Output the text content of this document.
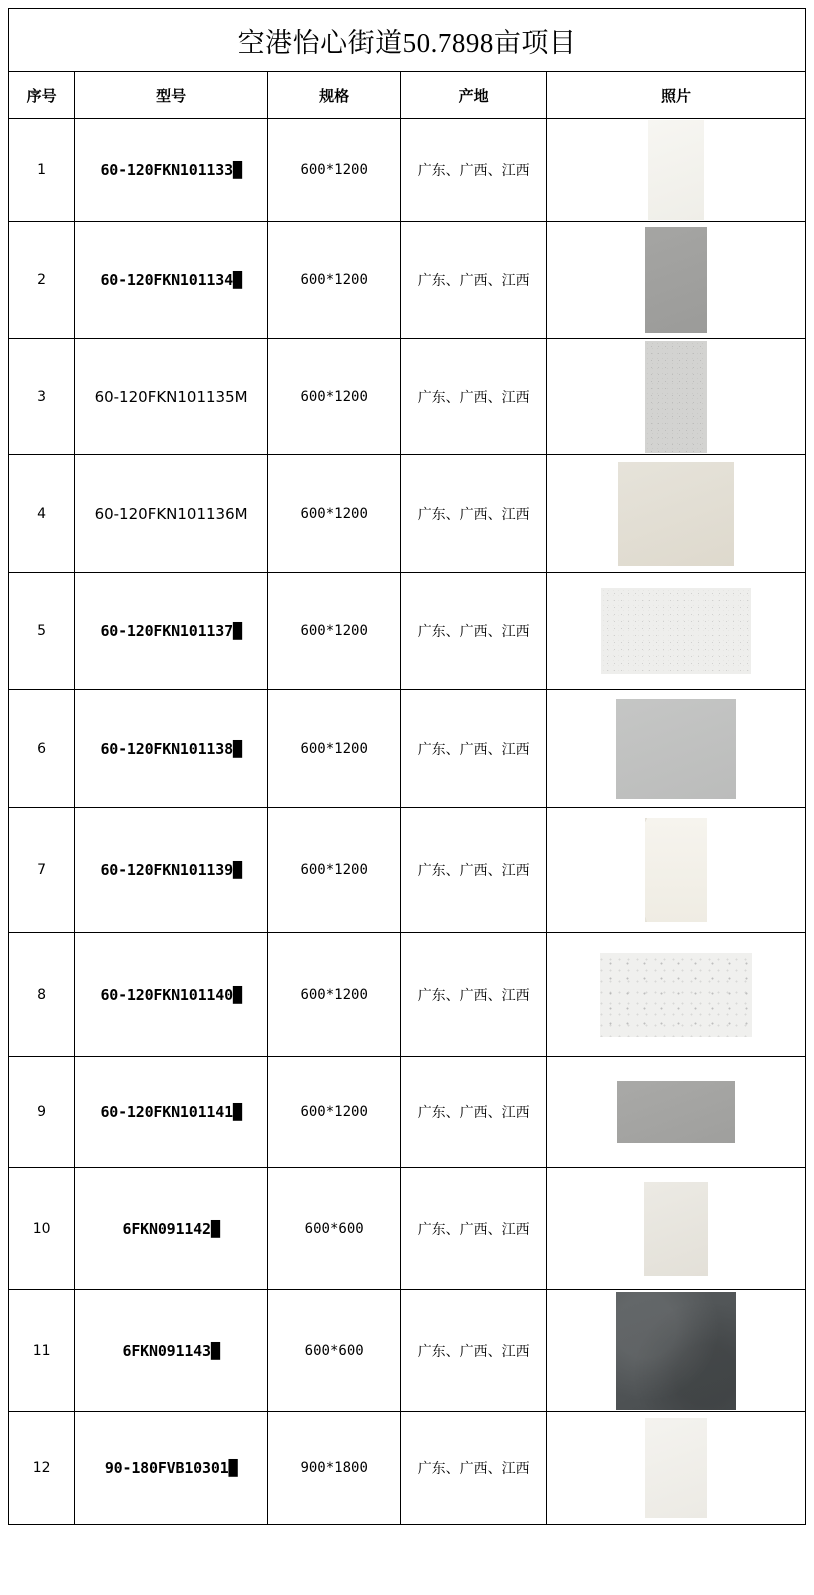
空港怡心街道50.7898亩项目				
序号	型号	规格	产地	照片
1	60-120FKN101133█	600*1200	广东、广西、江西	

2	60-120FKN101134█	600*1200	广东、广西、江西	

3	60-120FKN101135M	600*1200	广东、广西、江西	

4	60-120FKN101136M	600*1200	广东、广西、江西	

5	60-120FKN101137█	600*1200	广东、广西、江西	

6	60-120FKN101138█	600*1200	广东、广西、江西	

7	60-120FKN101139█	600*1200	广东、广西、江西	

8	60-120FKN101140█	600*1200	广东、广西、江西	

9	60-120FKN101141█	600*1200	广东、广西、江西	

10	6FKN091142█	600*600	广东、广西、江西	

11	6FKN091143█	600*600	广东、广西、江西	

12	90-180FVB10301█	900*1800	广东、广西、江西	
